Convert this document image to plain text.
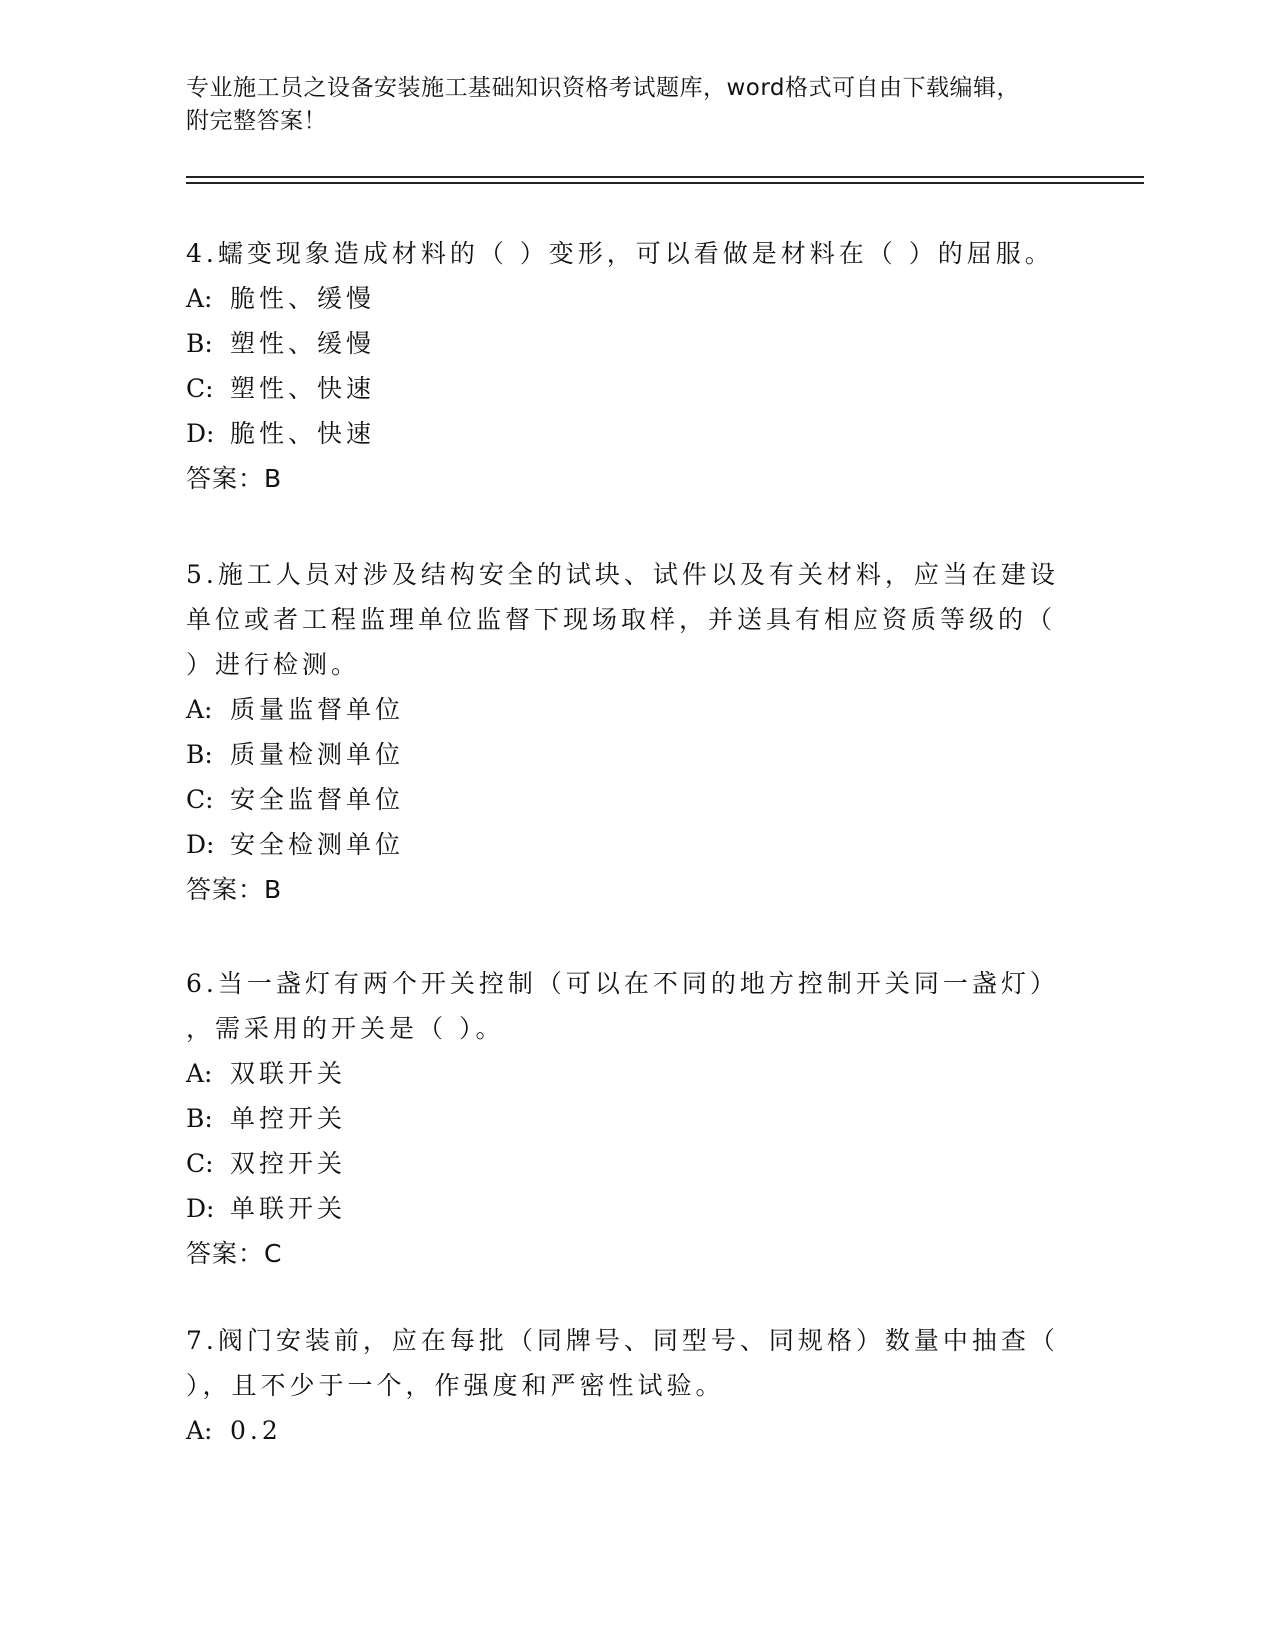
专业施工员之设备安装施工基础知识资格考试题库，word格式可自由下载编辑，

附完整答案！

4.蠕变现象造成材料的（ ）变形，可以看做是材料在（ ）的屈服。

A: 脆性、缓慢

B: 塑性、缓慢

C: 塑性、快速

D: 脆性、快速

答案：B

5.施工人员对涉及结构安全的试块、试件以及有关材料，应当在建设

单位或者工程监理单位监督下现场取样，并送具有相应资质等级的（

）进行检测。

A: 质量监督单位

B: 质量检测单位

C: 安全监督单位

D: 安全检测单位

答案：B

6.当一盏灯有两个开关控制（可以在不同的地方控制开关同一盏灯）

，需采用的开关是（ ）。

A: 双联开关

B: 单控开关

C: 双控开关

D: 单联开关

答案：C

7.阀门安装前，应在每批（同牌号、同型号、同规格）数量中抽查（

），且不少于一个，作强度和严密性试验。

A: 0.2
